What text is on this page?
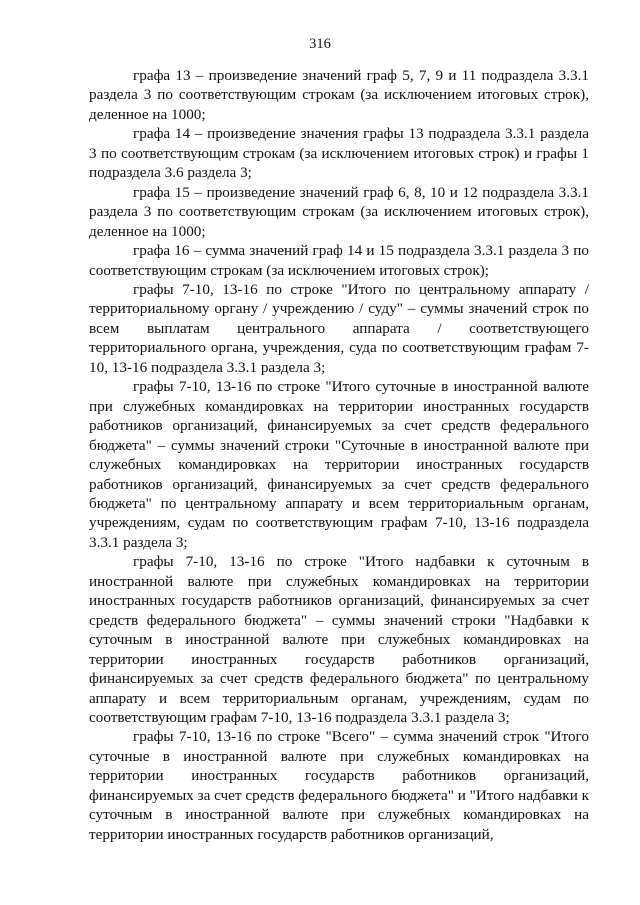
316

графа 13 – произведение значений граф 5, 7, 9 и 11 подраздела 3.3.1 раздела 3 по соответствующим строкам (за исключением итоговых строк), деленное на 1000;

графа 14 – произведение значения графы 13 подраздела 3.3.1 раздела 3 по соответствующим строкам (за исключением итоговых строк) и графы 1 подраздела 3.6 раздела 3;

графа 15 – произведение значений граф 6, 8, 10 и 12 подраздела 3.3.1 раздела 3 по соответствующим строкам (за исключением итоговых строк), деленное на 1000;

графа 16 – сумма значений граф 14 и 15 подраздела 3.3.1 раздела 3 по соответствующим строкам (за исключением итоговых строк);

графы 7-10, 13-16 по строке "Итого по центральному аппарату / территориальному органу / учреждению / суду" – суммы значений строк по всем выплатам центрального аппарата / соответствующего территориального органа, учреждения, суда по соответствующим графам 7-10, 13-16 подраздела 3.3.1 раздела 3;

графы 7-10, 13-16 по строке "Итого суточные в иностранной валюте при служебных командировках на территории иностранных государств работников организаций, финансируемых за счет средств федерального бюджета" – суммы значений строки "Суточные в иностранной валюте при служебных командировках на территории иностранных государств работников организаций, финансируемых за счет средств федерального бюджета" по центральному аппарату и всем территориальным органам, учреждениям, судам по соответствующим графам 7-10, 13-16 подраздела 3.3.1 раздела 3;

графы 7-10, 13-16 по строке "Итого надбавки к суточным в иностранной валюте при служебных командировках на территории иностранных государств работников организаций, финансируемых за счет средств федерального бюджета" – суммы значений строки "Надбавки к суточным в иностранной валюте при служебных командировках на территории иностранных государств работников организаций, финансируемых за счет средств федерального бюджета" по центральному аппарату и всем территориальным органам, учреждениям, судам по соответствующим графам 7-10, 13-16 подраздела 3.3.1 раздела 3;

графы 7-10, 13-16 по строке "Всего" – сумма значений строк "Итого суточные в иностранной валюте при служебных командировках на территории иностранных государств работников организаций, финансируемых за счет средств федерального бюджета" и "Итого надбавки к суточным в иностранной валюте при служебных командировках на территории иностранных государств работников организаций,
